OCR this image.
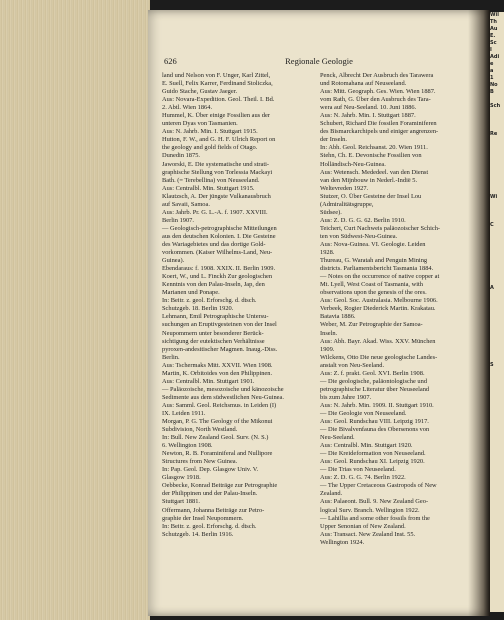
626	Regionale Geologie
land und Nelson von F. Unger, Karl Zittel,
E. Suell, Felix Karrer, Ferdinand Stoliczka,
Guido Stache, Gustav Jaeger.
Aus: Novara-Expedition. Geol. Theil. I. Bd.
2. Abtl. Wien 1864.
Hummel, K. Über einige Fossilien aus der
unteren Dyas von Tasmanien.
Aus: N. Jahrb. Min. I. Stuttgart 1915.
Hutton, F. W., and G. H. F. Ulrich Report on
the geology and gold fields of Otago.
Dunedin 1875.
Jaworski, E. Die systematische und strati-
graphische Stellung von Torlessia Mackayi
Bath. (= Terebellina) von Neuseeland.
Aus: Centralbl. Min. Stuttgart 1915.
Klautzsch, A. Der jüngste Vulkanausbruch
auf Savaii, Samoa.
Aus: Jahrb. Pr. G. L.-A. f. 1907. XXVIII.
Berlin 1907.
— Geologisch-petrographische Mitteilungen
aus den deutschen Kolonien. I. Die Gesteine
des Wariagebietes und das dortige Gold-
vorkommen. (Kaiser Wilhelms-Land, Neu-
Guinea).
Ebendaraus: f. 1908. XXIX. II. Berlin 1909.
Koert, W., und L. Finckh Zur geologischen
Kenntnis von den Palau-Inseln, Jap, den
Marianen und Ponape.
In: Beitr. z. geol. Erforschg. d. dtsch.
Schutzgeb. 18. Berlin 1920.
Lehmann, Emil Petrographische Untersu-
suchungen an Eruptivgesteinen von der Insel
Neupommern unter besonderer Berück-
sichtigung der eutektischen Verhältnisse
pyroxen-andesitischer Magmen. Inaug.-Diss.
Berlin.
Aus: Tschermaks Mitt. XXVII. Wien 1908.
Martin, K. Orbitoides von den Philippinen.
Aus: Centralbl. Min. Stuttgart 1901.
— Paläozoische, mesozoische und känozoische
Sedimente aus dem südwestlichen Neu-Guinea.
Aus: Samml. Geol. Reichsmus. in Leiden (I)
IX. Leiden 1911.
Morgan, P. G. The Geology of the Mikonui
Subdivision, North Westland.
In: Bull. New Zealand Geol. Surv. (N. S.)
6. Wellington 1908.
Newton, R. B. Foraminiferal and Nullipore
Structures from New Guinea.
In: Pap. Geol. Dep. Glasgow Univ. V.
Glasgow 1918.
Oebbecke, Konrad Beiträge zur Petrographie
der Philippinen und der Palau-Inseln.
Stuttgart 1881.
Offermann, Johanna Beiträge zur Petro-
graphie der Insel Neupommern.
In: Beitr. z. geol. Erforschg. d. dtsch.
Schutzgeb. 14. Berlin 1916.
Penck, Albrecht Der Ausbruch des Tarawera
und Rotomahana auf Neuseeland.
Aus: Mitt. Geograph. Ges. Wien. Wien 1887.
vom Rath, G. Über den Ausbruch des Tara-
wera auf Neu-Seeland. 10. Juni 1886.
Aus: N. Jahrb. Min. I. Stuttgart 1887.
Schubert, Richard Die fossilen Foraminiferen
des Bismarckarchipels und einiger angrenzen-
der Inseln.
In: Abh. Geol. Reichsanst. 20. Wien 1911.
Stehn, Ch. E. Devonische Fossilien von
Holländisch-Neu-Guinea.
Aus: Wetensch. Mededeel. van den Dienst
van den Mijnbouw in Nederl.-Indië 5.
Weltevreden 1927.
Stutzer, O. Über Gesteine der Insel Lou
(Admiralitätsgruppe,
Südsee).
Aus: Z. D. G. G. 62. Berlin 1910.
Teichert, Curt Nachweis paläozoischer Schich-
ten von Südwest-Neu-Guinea.
Aus: Nova-Guinea. VI. Geologie. Leiden
1928.
Thureau, G. Waratah and Penguin Mining
districts. Parliamentsbericht Tasmania 1884.
— Notes on the occurrence of native copper at
Mt. Lyell, West Coast of Tasmania, with
observations upon the genesis of the ores.
Aus: Geol. Soc. Australasia. Melbourne 1906.
Verbeek, Rogier Diederick Martin. Krakatau.
Batavia 1886.
Weber, M. Zur Petrographie der Samoa-
Inseln.
Aus: Abh. Bayr. Akad. Wiss. XXV. München
1909.
Wilckens, Otto Die neue geologische Landes-
anstalt von Neu-Seeland.
Aus: Z. f. prakt. Geol. XVI. Berlin 1908.
— Die geologische, paläontologische und
petrographische Literatur über Neuseeland
bis zum Jahre 1907.
Aus: N. Jahrb. Min. 1909. II. Stuttgart 1910.
— Die Geologie von Neuseeland.
Aus: Geol. Rundschau VIII. Leipzig 1917.
— Die Bivalvenfauna des Obersenons von
Neu-Seeland.
Aus: Centralbl. Min. Stuttgart 1920.
— Die Kreideformation von Neuseeland.
Aus: Geol. Rundschau XI. Leipzig 1920.
— Die Trias von Neuseeland.
Aus: Z. D. G. G. 74. Berlin 1922.
— The Upper Cretaceous Gastropods of New
Zealand.
Aus: Palaeont. Bull. 9. New Zealand Geo-
logical Surv. Branch. Wellington 1922.
— Lahillia and some other fossils from the
Upper Senonian of New Zealand.
Aus: Transact. New Zealand Inst. 55.
Wellington 1924.
Wil
Th
Au
E.
Sc
I
Adi
e
a
1
No
B
Sch
Re
Wi
C
A
S
